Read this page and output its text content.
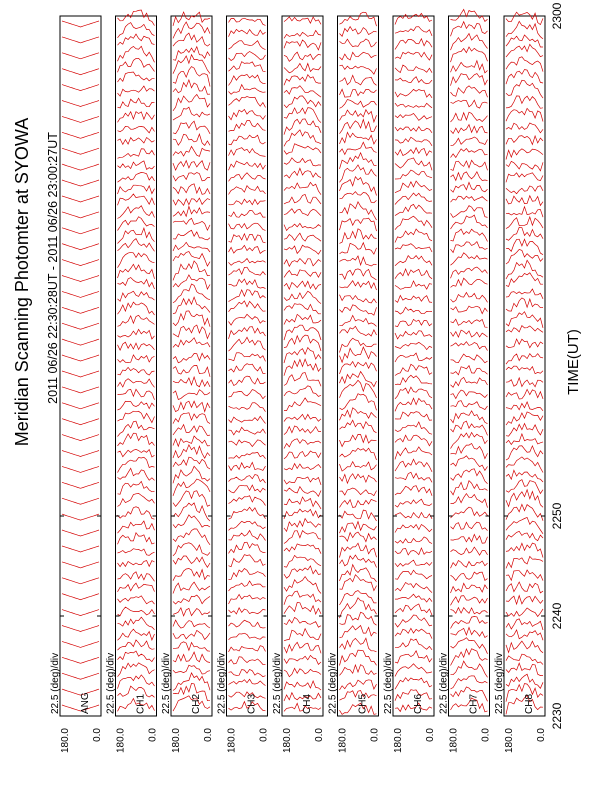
Meridian Scanning Photomter at SYOWA 2011 06/26 22:30:28UT - 2011 06/26 23:00:27UT	TIME(UT)
180.0 0.0
ANG
22.5 (deg)/div
180.0 0.0
CH1
22.5 (deg)/div
180.0 0.0
CH2
22.5 (deg)/div
180.0 0.0
CH3
22.5 (deg)/div
180.0 0.0
CH4
22.5 (deg)/div
180.0 0.0
CH5
22.5 (deg)/div
180.0 0.0
CH6
22.5 (deg)/div
180.0 0.0
CH7
22.5 (deg)/div
180.0 0.0
CH8
22.5 (deg)/div
2230
2240
2250
2300
